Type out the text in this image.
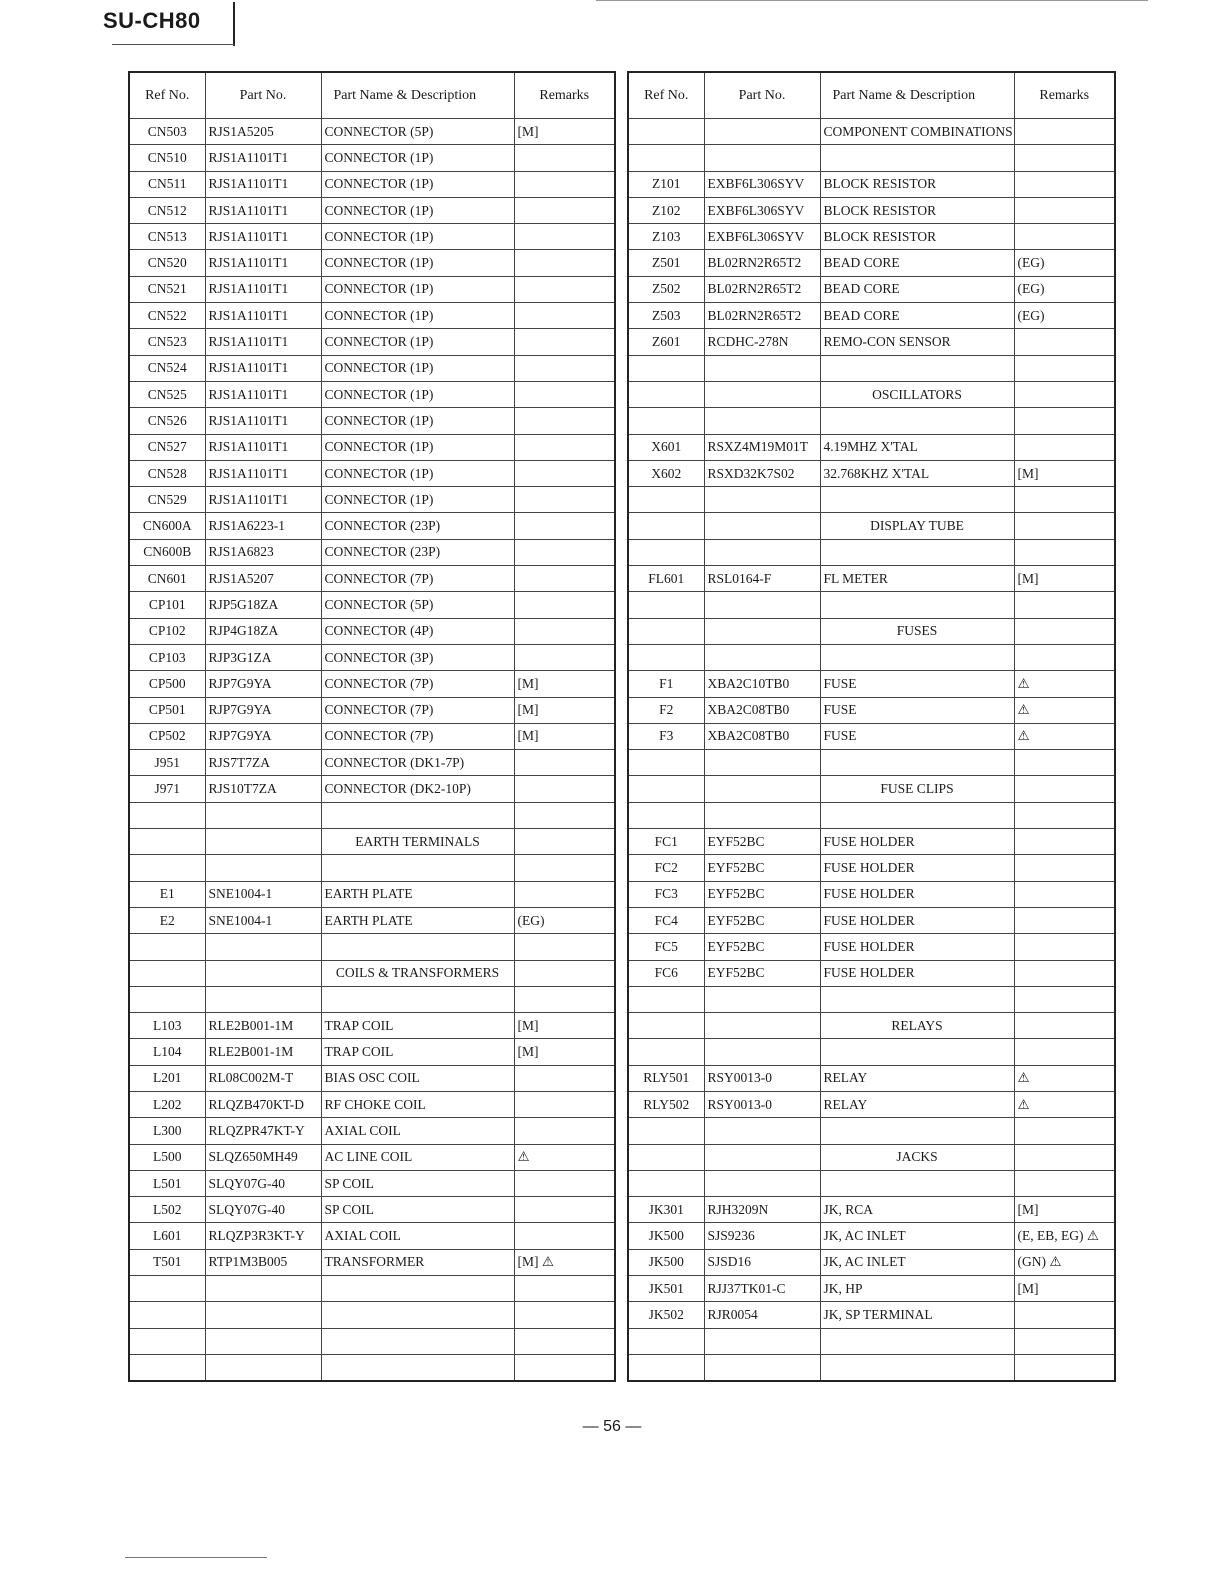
SU-CH80
Ref No.	Part No.	Part Name & Description	Remarks
CN503	RJS1A5205	CONNECTOR (5P)	[M]
CN510	RJS1A1101T1	CONNECTOR (1P)	
CN511	RJS1A1101T1	CONNECTOR (1P)	
CN512	RJS1A1101T1	CONNECTOR (1P)	
CN513	RJS1A1101T1	CONNECTOR (1P)	
CN520	RJS1A1101T1	CONNECTOR (1P)	
CN521	RJS1A1101T1	CONNECTOR (1P)	
CN522	RJS1A1101T1	CONNECTOR (1P)	
CN523	RJS1A1101T1	CONNECTOR (1P)	
CN524	RJS1A1101T1	CONNECTOR (1P)	
CN525	RJS1A1101T1	CONNECTOR (1P)	
CN526	RJS1A1101T1	CONNECTOR (1P)	
CN527	RJS1A1101T1	CONNECTOR (1P)	
CN528	RJS1A1101T1	CONNECTOR (1P)	
CN529	RJS1A1101T1	CONNECTOR (1P)	
CN600A	RJS1A6223-1	CONNECTOR (23P)	
CN600B	RJS1A6823	CONNECTOR (23P)	
CN601	RJS1A5207	CONNECTOR (7P)	
CP101	RJP5G18ZA	CONNECTOR (5P)	
CP102	RJP4G18ZA	CONNECTOR (4P)	
CP103	RJP3G1ZA	CONNECTOR (3P)	
CP500	RJP7G9YA	CONNECTOR (7P)	[M]
CP501	RJP7G9YA	CONNECTOR (7P)	[M]
CP502	RJP7G9YA	CONNECTOR (7P)	[M]
J951	RJS7T7ZA	CONNECTOR (DK1-7P)	
J971	RJS10T7ZA	CONNECTOR (DK2-10P)	

		EARTH TERMINALS	

E1	SNE1004-1	EARTH PLATE	
E2	SNE1004-1	EARTH PLATE	(EG)

		COILS & TRANSFORMERS	

L103	RLE2B001-1M	TRAP COIL	[M]
L104	RLE2B001-1M	TRAP COIL	[M]
L201	RL08C002M-T	BIAS OSC COIL	
L202	RLQZB470KT-D	RF CHOKE COIL	
L300	RLQZPR47KT-Y	AXIAL COIL	
L500	SLQZ650MH49	AC LINE COIL	⚠
L501	SLQY07G-40	SP COIL	
L502	SLQY07G-40	SP COIL	
L601	RLQZP3R3KT-Y	AXIAL COIL	
T501	RTP1M3B005	TRANSFORMER	[M] ⚠

Ref No.	Part No.	Part Name & Description	Remarks
		COMPONENT COMBINATIONS	

Z101	EXBF6L306SYV	BLOCK RESISTOR	
Z102	EXBF6L306SYV	BLOCK RESISTOR	
Z103	EXBF6L306SYV	BLOCK RESISTOR	
Z501	BL02RN2R65T2	BEAD CORE	(EG)
Z502	BL02RN2R65T2	BEAD CORE	(EG)
Z503	BL02RN2R65T2	BEAD CORE	(EG)
Z601	RCDHC-278N	REMO-CON SENSOR	

		OSCILLATORS	

X601	RSXZ4M19M01T	4.19MHZ X'TAL	
X602	RSXD32K7S02	32.768KHZ X'TAL	[M]

		DISPLAY TUBE	

FL601	RSL0164-F	FL METER	[M]

		FUSES	

F1	XBA2C10TB0	FUSE	⚠
F2	XBA2C08TB0	FUSE	⚠
F3	XBA2C08TB0	FUSE	⚠

		FUSE CLIPS	

FC1	EYF52BC	FUSE HOLDER	
FC2	EYF52BC	FUSE HOLDER	
FC3	EYF52BC	FUSE HOLDER	
FC4	EYF52BC	FUSE HOLDER	
FC5	EYF52BC	FUSE HOLDER	
FC6	EYF52BC	FUSE HOLDER	

		RELAYS	

RLY501	RSY0013-0	RELAY	⚠
RLY502	RSY0013-0	RELAY	⚠

		JACKS	

JK301	RJH3209N	JK, RCA	[M]
JK500	SJS9236	JK, AC INLET	(E, EB, EG) ⚠
JK500	SJSD16	JK, AC INLET	(GN) ⚠
JK501	RJJ37TK01-C	JK, HP	[M]
JK502	RJR0054	JK, SP TERMINAL	

— 56 —
